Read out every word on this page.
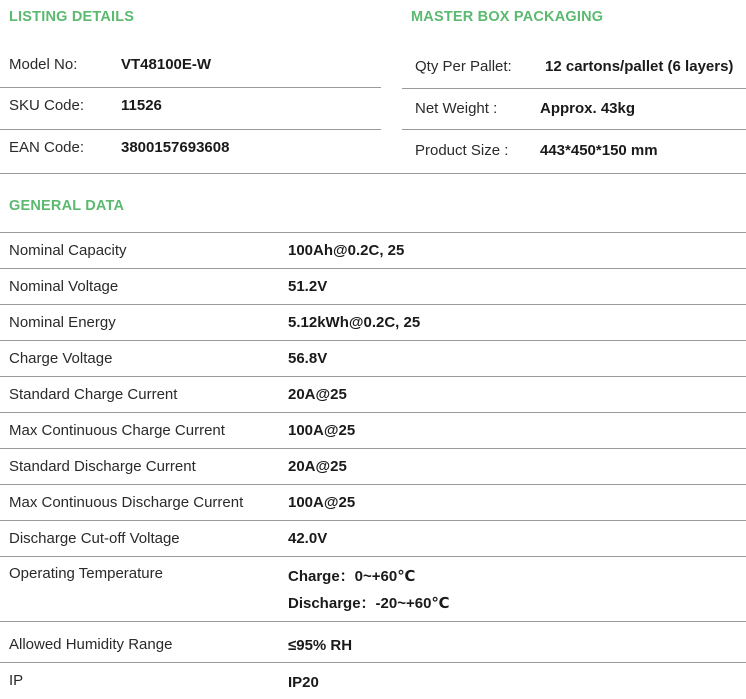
LISTING DETAILS
Model No:	VT48100E-W
SKU Code: 11526
EAN Code: 3800157693608
MASTER BOX PACKAGING
Qty Per Pallet: 12 cartons/pallet (6 layers)
Net Weight :	Approx. 43kg
Product Size : 443*450*150 mm
GENERAL DATA
Nominal Capacity	100Ah@0.2C, 25
Nominal Voltage	51.2V
Nominal Energy	5.12kWh@0.2C, 25
Charge Voltage	56.8V
Standard Charge Current	20A@25
Max Continuous Charge Current	100A@25
Standard Discharge Current	20A@25
Max Continuous Discharge Current	100A@25
Discharge Cut-off Voltage	42.0V
Operating Temperature	Charge：0~+60℃
Discharge：-20~+60℃
Allowed Humidity Range	≤95% RH
IP	IP20
